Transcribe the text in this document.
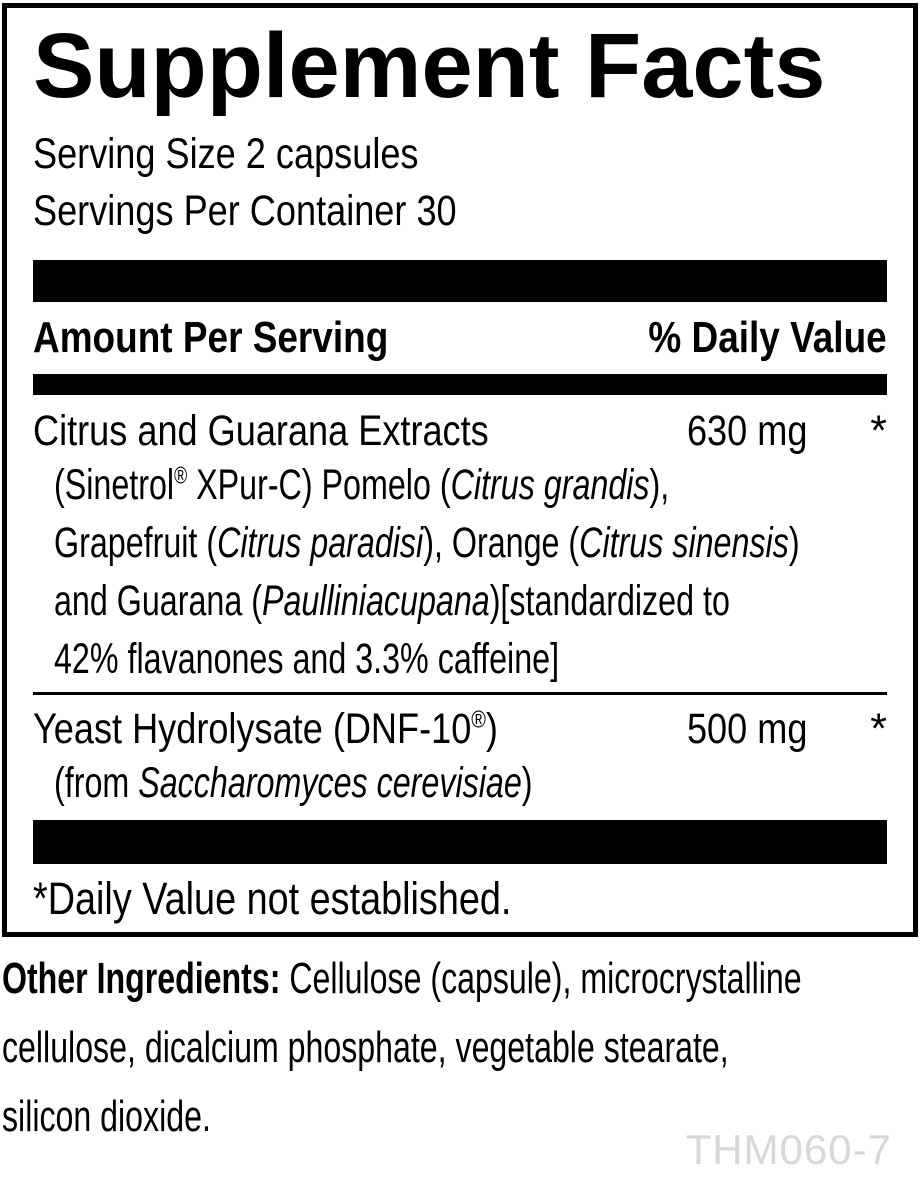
Supplement Facts
Serving Size 2 capsules
Servings Per Container 30
Amount Per Serving	% Daily Value
Citrus and Guarana Extracts	630 mg	*
(Sinetrol® XPur-C) Pomelo (Citrus grandis),
Grapefruit (Citrus paradisi), Orange (Citrus sinensis)
and Guarana (Paulliniacupana)[standardized to
42% flavanones and 3.3% caffeine]
Yeast Hydrolysate (DNF-10®)	500 mg	*
(from Saccharomyces cerevisiae)
*Daily Value not established.
Other Ingredients: Cellulose (capsule), microcrystalline
cellulose, dicalcium phosphate, vegetable stearate,
silicon dioxide.
THM060-7
